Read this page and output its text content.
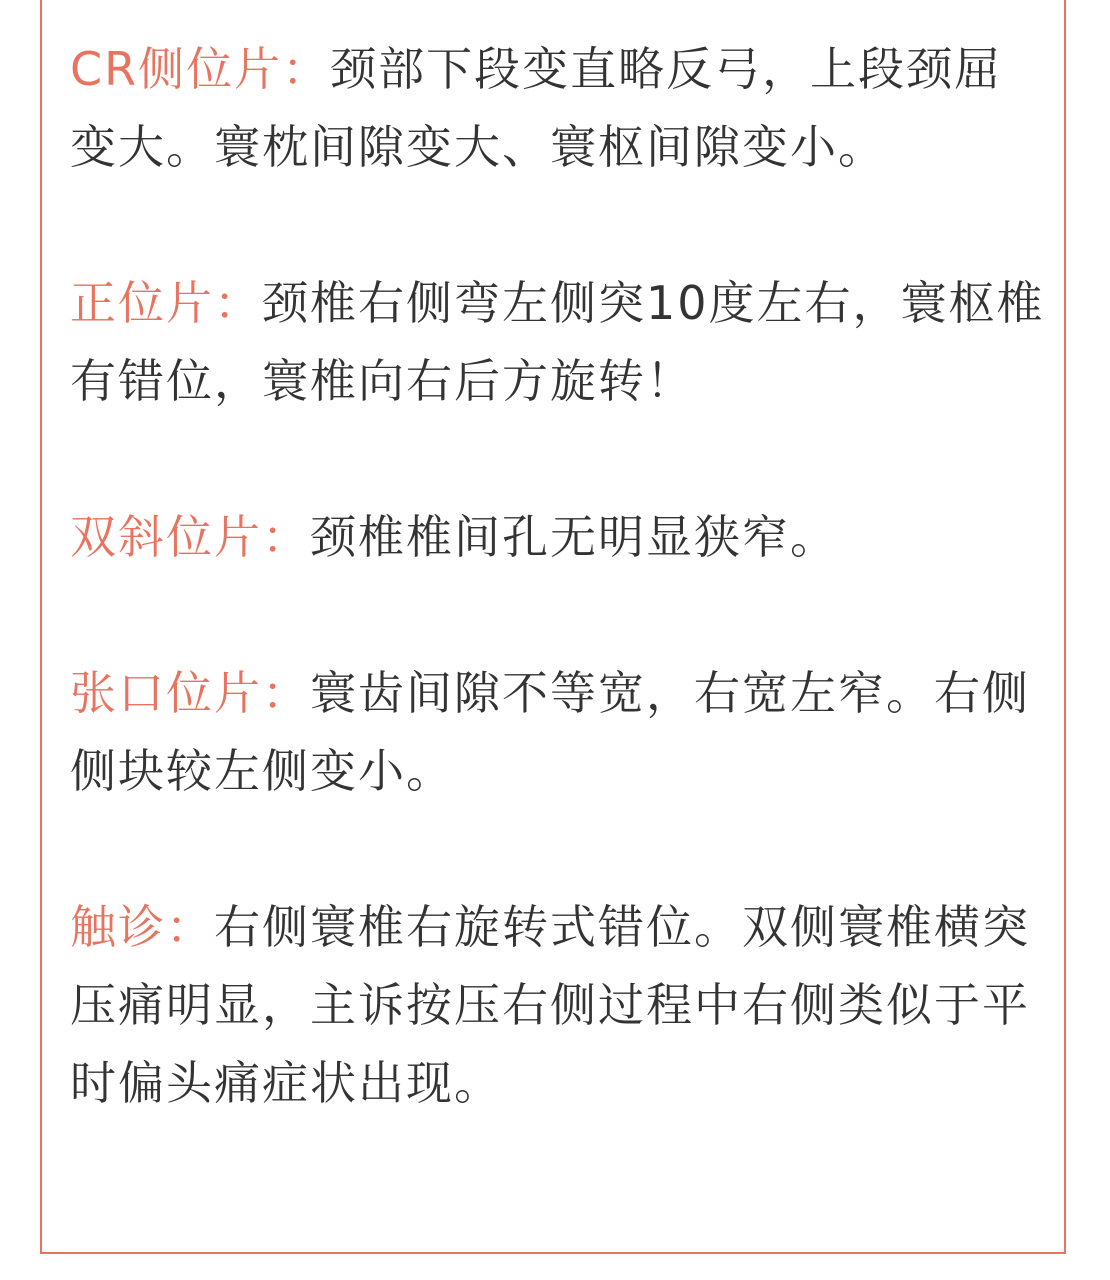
CR侧位片：颈部下段变直略反弓，上段颈屈变大。寰枕间隙变大、寰枢间隙变小。

正位片：颈椎右侧弯左侧突10度左右，寰枢椎有错位，寰椎向右后方旋转！

双斜位片：颈椎椎间孔无明显狭窄。

张口位片：寰齿间隙不等宽，右宽左窄。右侧侧块较左侧变小。

触诊：右侧寰椎右旋转式错位。双侧寰椎横突压痛明显，主诉按压右侧过程中右侧类似于平时偏头痛症状出现。
